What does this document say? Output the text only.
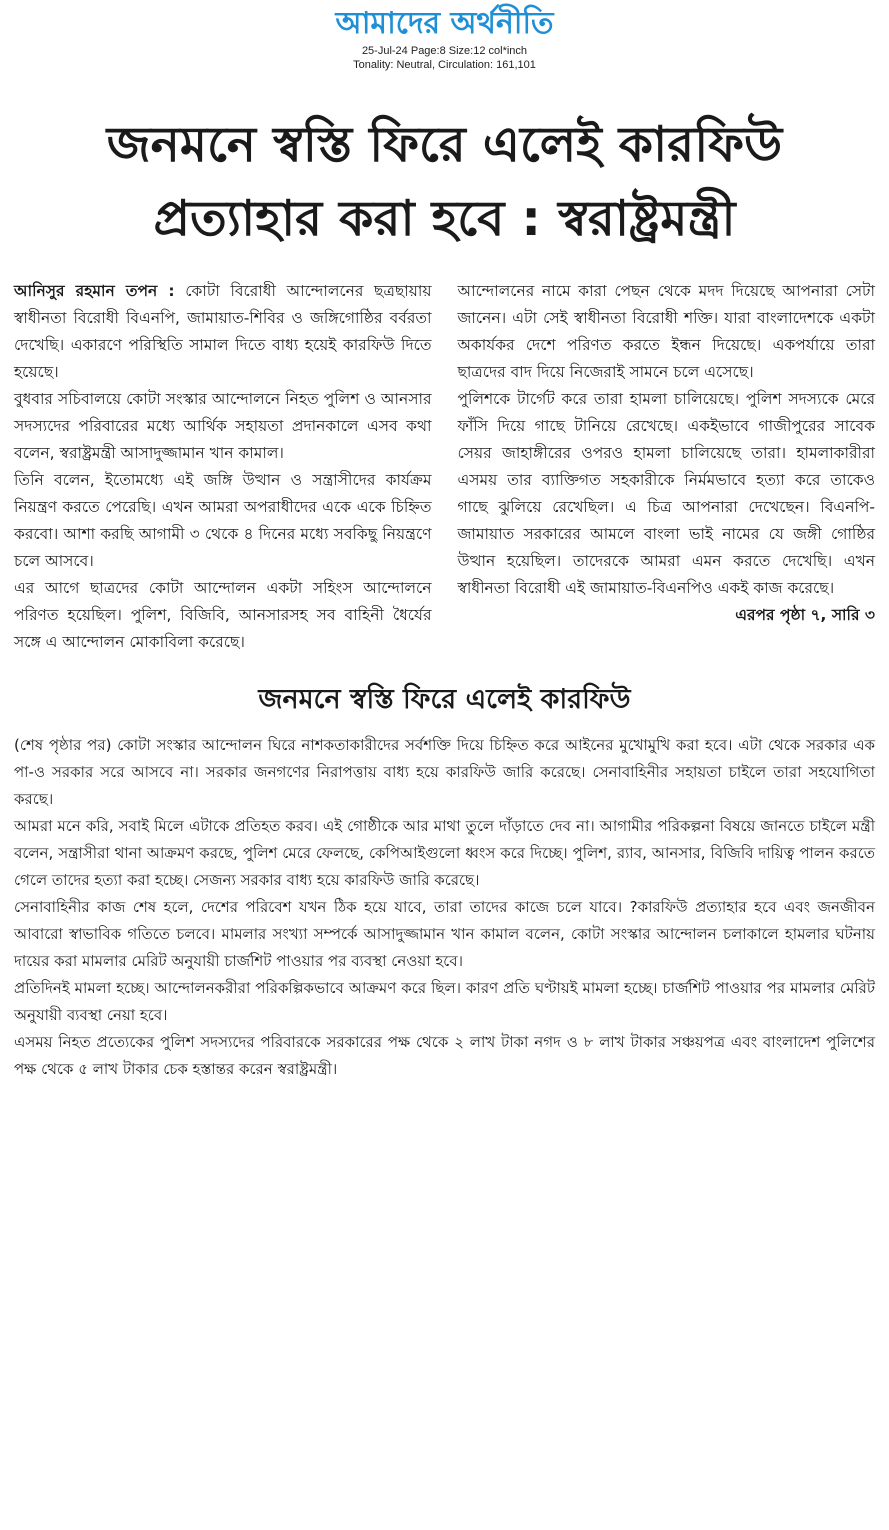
আমাদের অর্থনীতি
25-Jul-24 Page:8 Size:12 col*inch
Tonality: Neutral, Circulation: 161,101
জনমনে স্বস্তি ফিরে এলেই কারফিউ
প্রত্যাহার করা হবে : স্বরাষ্ট্রমন্ত্রী

আনিসুর রহমান তপন : কোটা বিরোধী আন্দোলনের ছত্রছায়ায় স্বাধীনতা বিরোধী বিএনপি, জামায়াত-শিবির ও জঙ্গিগোষ্ঠির বর্বরতা দেখেছি। একারণে পরিস্থিতি সামাল দিতে বাধ্য হয়েই কারফিউ দিতে হয়েছে।

বুধবার সচিবালয়ে কোটা সংস্কার আন্দোলনে নিহত পুলিশ ও আনসার সদস্যদের পরিবারের মধ্যে আর্থিক সহায়তা প্রদানকালে এসব কথা বলেন, স্বরাষ্ট্রমন্ত্রী আসাদুজ্জামান খান কামাল।

তিনি বলেন, ইতোমধ্যে এই জঙ্গি উত্থান ও সন্ত্রাসীদের কার্যক্রম নিয়ন্ত্রণ করতে পেরেছি। এখন আমরা অপরাধীদের একে একে চিহ্নিত করবো। আশা করছি আগামী ৩ থেকে ৪ দিনের মধ্যে সবকিছু নিয়ন্ত্রণে চলে আসবে।

এর আগে ছাত্রদের কোটা আন্দোলন একটা সহিংস আন্দোলনে পরিণত হয়েছিল। পুলিশ, বিজিবি, আনসারসহ সব বাহিনী ধৈর্যের সঙ্গে এ আন্দোলন মোকাবিলা করেছে।

আন্দোলনের নামে কারা পেছন থেকে মদদ দিয়েছে আপনারা সেটা জানেন। এটা সেই স্বাধীনতা বিরোধী শক্তি। যারা বাংলাদেশকে একটা অকার্যকর দেশে পরিণত করতে ইন্ধন দিয়েছে। একপর্যায়ে তারা ছাত্রদের বাদ দিয়ে নিজেরাই সামনে চলে এসেছে।

পুলিশকে টার্গেট করে তারা হামলা চালিয়েছে। পুলিশ সদস্যকে মেরে ফাঁসি দিয়ে গাছে টানিয়ে রেখেছে। একইভাবে গাজীপুরের সাবেক সেয়র জাহাঙ্গীরের ওপরও হামলা চালিয়েছে তারা। হামলাকারীরা এসময় তার ব্যাক্তিগত সহকারীকে নির্মমভাবে হত্যা করে তাকেও গাছে ঝুলিয়ে রেখেছিল। এ চিত্র আপনারা দেখেছেন। বিএনপি-জামায়াত সরকারের আমলে বাংলা ভাই নামের যে জঙ্গী গোষ্ঠির উত্থান হয়েছিল। তাদেরকে আমরা এমন করতে দেখেছি। এখন স্বাধীনতা বিরোধী এই জামায়াত-বিএনপিও একই কাজ করেছে।

এরপর পৃষ্ঠা ৭, সারি ৩

জনমনে স্বস্তি ফিরে এলেই কারফিউ

(শেষ পৃষ্ঠার পর) কোটা সংস্কার আন্দোলন ঘিরে নাশকতাকারীদের সর্বশক্তি দিয়ে চিহ্নিত করে আইনের মুখোমুখি করা হবে। এটা থেকে সরকার এক পা-ও সরকার সরে আসবে না। সরকার জনগণের নিরাপত্তায় বাধ্য হয়ে কারফিউ জারি করেছে। সেনাবাহিনীর সহায়তা চাইলে তারা সহযোগিতা করছে।

আমরা মনে করি, সবাই মিলে এটাকে প্রতিহত করব। এই গোষ্ঠীকে আর মাথা তুলে দাঁড়াতে দেব না। আগামীর পরিকল্পনা বিষয়ে জানতে চাইলে মন্ত্রী বলেন, সন্ত্রাসীরা থানা আক্রমণ করছে, পুলিশ মেরে ফেলছে, কেপিআইগুলো ধ্বংস করে দিচ্ছে। পুলিশ, র‍্যাব, আনসার, বিজিবি দায়িত্ব পালন করতে গেলে তাদের হত্যা করা হচ্ছে। সেজন্য সরকার বাধ্য হয়ে কারফিউ জারি করেছে।

সেনাবাহিনীর কাজ শেষ হলে, দেশের পরিবেশ যখন ঠিক হয়ে যাবে, তারা তাদের কাজে চলে যাবে। ?কারফিউ প্রত্যাহার হবে এবং জনজীবন আবারো স্বাভাবিক গতিতে চলবে। মামলার সংখ্যা সম্পর্কে আসাদুজ্জামান খান কামাল বলেন, কোটা সংস্কার আন্দোলন চলাকালে হামলার ঘটনায় দায়ের করা মামলার মেরিট অনুযায়ী চার্জশিট পাওয়ার পর ব্যবস্থা নেওয়া হবে।

প্রতিদিনই মামলা হচ্ছে। আন্দোলনকরীরা পরিকল্পিকভাবে আক্রমণ করে ছিল। কারণ প্রতি ঘণ্টায়ই মামলা হচ্ছে। চার্জশিট পাওয়ার পর মামলার মেরিট অনুযায়ী ব্যবস্থা নেয়া হবে।

এসময় নিহত প্রত্যেকের পুলিশ সদস্যদের পরিবারকে সরকারের পক্ষ থেকে ২ লাখ টাকা নগদ ও ৮ লাখ টাকার সঞ্চয়পত্র এবং বাংলাদেশ পুলিশের পক্ষ থেকে ৫ লাখ টাকার চেক হস্তান্তর করেন স্বরাষ্ট্রমন্ত্রী।
